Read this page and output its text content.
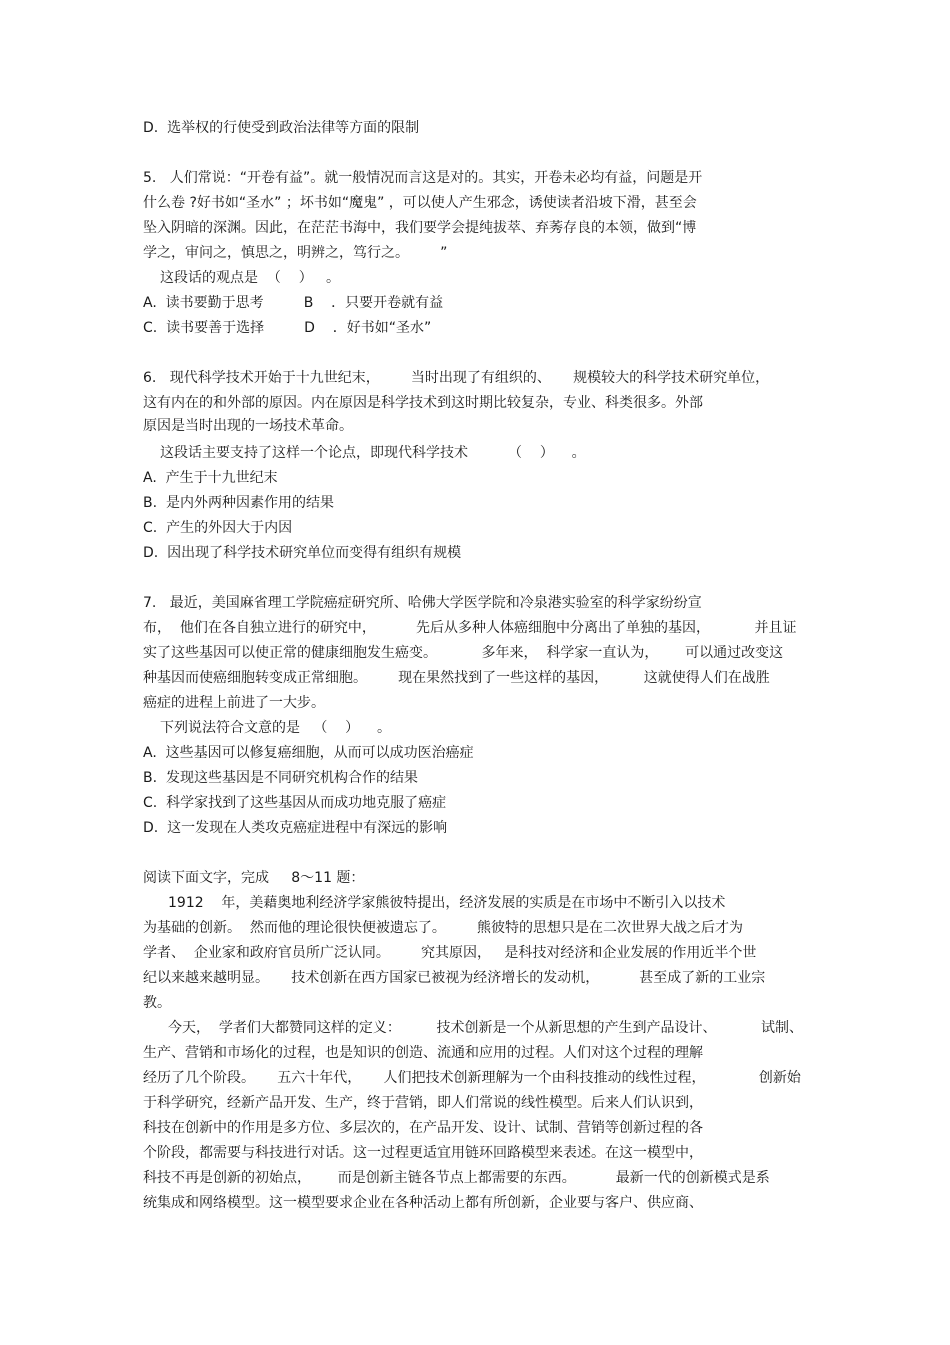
D.  选举权的行使受到政治法律等方面的限制
5.   人们常说：“开卷有益”。就一般情况而言这是对的。其实，开卷未必均有益，问题是开
什么卷 ?好书如“圣水” ；坏书如“魔鬼” ，可以使人产生邪念，诱使读者沿坡下滑，甚至会
坠入阴暗的深渊。因此，在茫茫书海中，我们要学会提纯拔萃、弃莠存良的本领，做到“博
学之，审问之，慎思之，明辨之，笃行之。       ”
这段话的观点是  （    ）   。
A.  读书要勤于思考         B    ．只要开卷就有益
C.  读书要善于选择         D    ．好书如“圣水”
6.   现代科学技术开始于十九世纪末，       当时出现了有组织的、     规模较大的科学技术研究单位，
这有内在的和外部的原因。内在原因是科学技术到这时期比较复杂，专业、科类很多。外部
原因是当时出现的一场技术革命。
这段话主要支持了这样一个论点，即现代科学技术         （    ）    。
A.  产生于十九世纪末
B.  是内外两种因素作用的结果
C.  产生的外因大于内因
D.  因出现了科学技术研究单位而变得有组织有规模
7.   最近，美国麻省理工学院癌症研究所、哈佛大学医学院和冷泉港实验室的科学家纷纷宣
布，  他们在各自独立进行的研究中，         先后从多种人体癌细胞中分离出了单独的基因，          并且证
实了这些基因可以使正常的健康细胞发生癌变。          多年来，  科学家一直认为，      可以通过改变这
种基因而使癌细胞转变成正常细胞。       现在果然找到了一些这样的基因，        这就使得人们在战胜
癌症的进程上前进了一大步。
下列说法符合文意的是   （    ）    。
A.  这些基因可以修复癌细胞，从而可以成功医治癌症
B.  发现这些基因是不同研究机构合作的结果
C.  科学家找到了这些基因从而成功地克服了癌症
D.  这一发现在人类攻克癌症进程中有深远的影响
阅读下面文字，完成     8～11 题：
1912    年，美藉奥地利经济学家熊彼特提出，经济发展的实质是在市场中不断引入以技术
为基础的创新。  然而他的理论很快便被遗忘了。       熊彼特的思想只是在二次世界大战之后才为
学者、  企业家和政府官员所广泛认同。       究其原因，   是科技对经济和企业发展的作用近半个世
纪以来越来越明显。     技术创新在西方国家已被视为经济增长的发动机，         甚至成了新的工业宗
教。
今天，  学者们大都赞同这样的定义：        技术创新是一个从新思想的产生到产品设计、          试制、
生产、营销和市场化的过程，也是知识的创造、流通和应用的过程。人们对这个过程的理解
经历了几个阶段。     五六十年代，     人们把技术创新理解为一个由科技推动的线性过程，            创新始
于科学研究，经新产品开发、生产，终于营销，即人们常说的线性模型。后来人们认识到，
科技在创新中的作用是多方位、多层次的，在产品开发、设计、试制、营销等创新过程的各
个阶段，都需要与科技进行对话。这一过程更适宜用链环回路模型来表述。在这一模型中，
科技不再是创新的初始点，      而是创新主链各节点上都需要的东西。         最新一代的创新模式是系
统集成和网络模型。这一模型要求企业在各种活动上都有所创新，企业要与客户、供应商、
